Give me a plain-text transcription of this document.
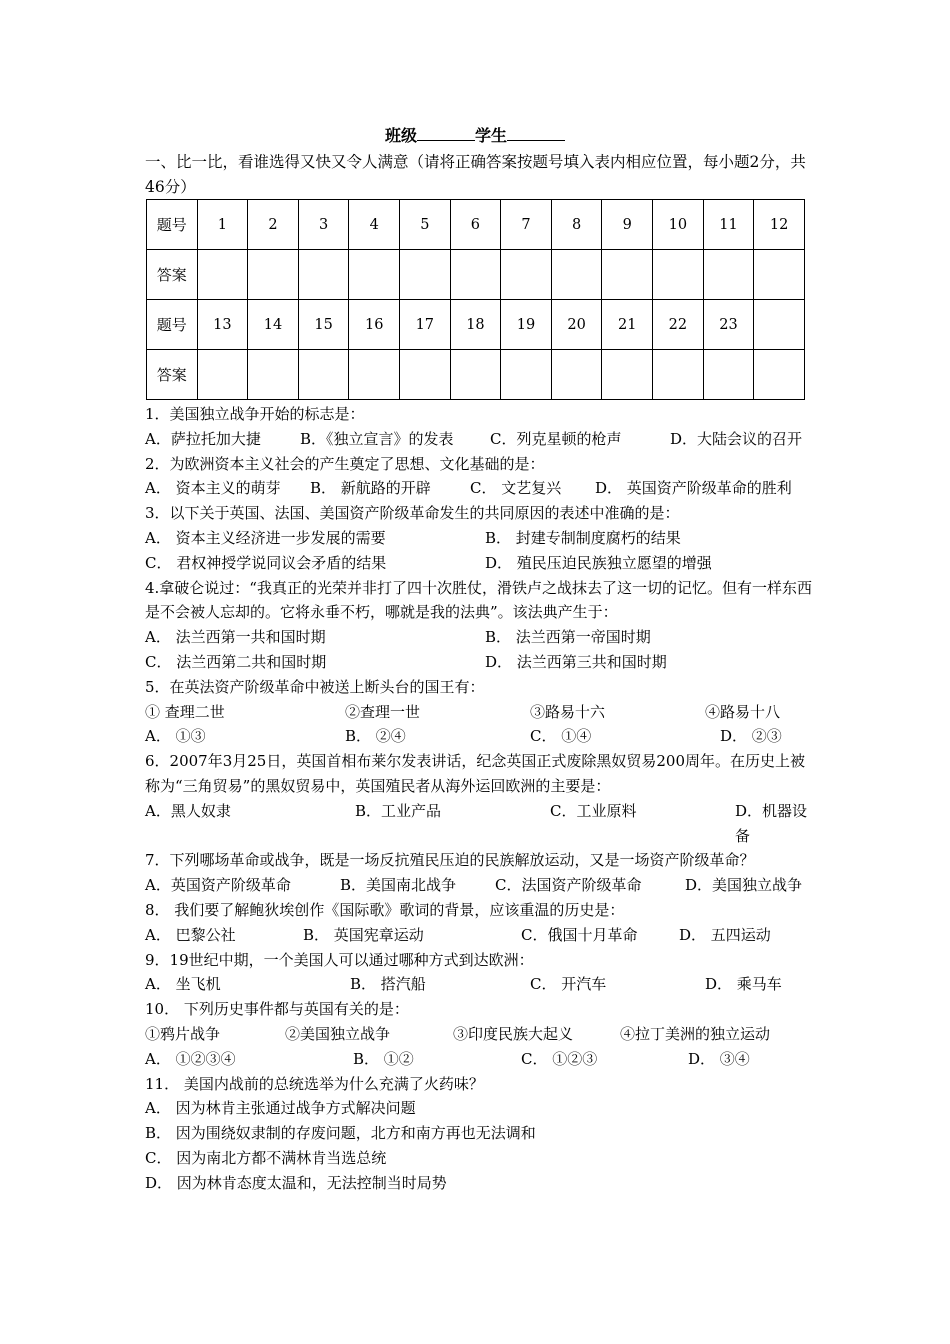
班级	学生
一、比一比，看谁选得又快又令人满意（请将正确答案按题号填入表内相应位置，每小题2分，共46分）
题号	1	2	3	4	5	6	7	8	9	10	11	12
答案												
题号	13	14	15	16	17	18	19	20	21	22	23	
答案												

1．美国独立战争开始的标志是：

A．萨拉托加大捷	B．《独立宣言》的发表	C．列克星顿的枪声	D．大陆会议的召开

2．为欧洲资本主义社会的产生奠定了思想、文化基础的是：

A． 资本主义的萌芽	B． 新航路的开辟	C． 文艺复兴	D． 英国资产阶级革命的胜利

3．以下关于英国、法国、美国资产阶级革命发生的共同原因的表述中准确的是：

A． 资本主义经济进一步发展的需要	B． 封建专制制度腐朽的结果
C． 君权神授学说同议会矛盾的结果	D． 殖民压迫民族独立愿望的增强

4.拿破仑说过：“我真正的光荣并非打了四十次胜仗，滑铁卢之战抹去了这一切的记忆。但有一样东西是不会被人忘却的。它将永垂不朽，哪就是我的法典”。该法典产生于：

A． 法兰西第一共和国时期	B． 法兰西第一帝国时期
C． 法兰西第二共和国时期	D． 法兰西第三共和国时期

5．在英法资产阶级革命中被送上断头台的国王有：

① 查理二世	②查理一世	③路易十六	④路易十八
A． ①③	B． ②④	C． ①④	D． ②③

6．2007年3月25日，英国首相布莱尔发表讲话，纪念英国正式废除黑奴贸易200周年。在历史上被称为“三角贸易”的黑奴贸易中，英国殖民者从海外运回欧洲的主要是：

A．黑人奴隶	B．工业产品	C．工业原料	D．机器设备

7．下列哪场革命或战争，既是一场反抗殖民压迫的民族解放运动，又是一场资产阶级革命？

A．英国资产阶级革命	B．美国南北战争	C．法国资产阶级革命	D．美国独立战争

8． 我们要了解鲍狄埃创作《国际歌》歌词的背景，应该重温的历史是：

A． 巴黎公社	B． 英国宪章运动	C．俄国十月革命	D． 五四运动

9．19世纪中期，一个美国人可以通过哪种方式到达欧洲：

A． 坐飞机	B． 搭汽船	C． 开汽车	D． 乘马车

10． 下列历史事件都与英国有关的是：

①鸦片战争	②美国独立战争	③印度民族大起义	④拉丁美洲的独立运动
A． ①②③④	B． ①②	C． ①②③	D． ③④

11． 美国内战前的总统选举为什么充满了火药味？

A． 因为林肯主张通过战争方式解决问题

B． 因为围绕奴隶制的存废问题，北方和南方再也无法调和

C． 因为南北方都不满林肯当选总统

D． 因为林肯态度太温和，无法控制当时局势
